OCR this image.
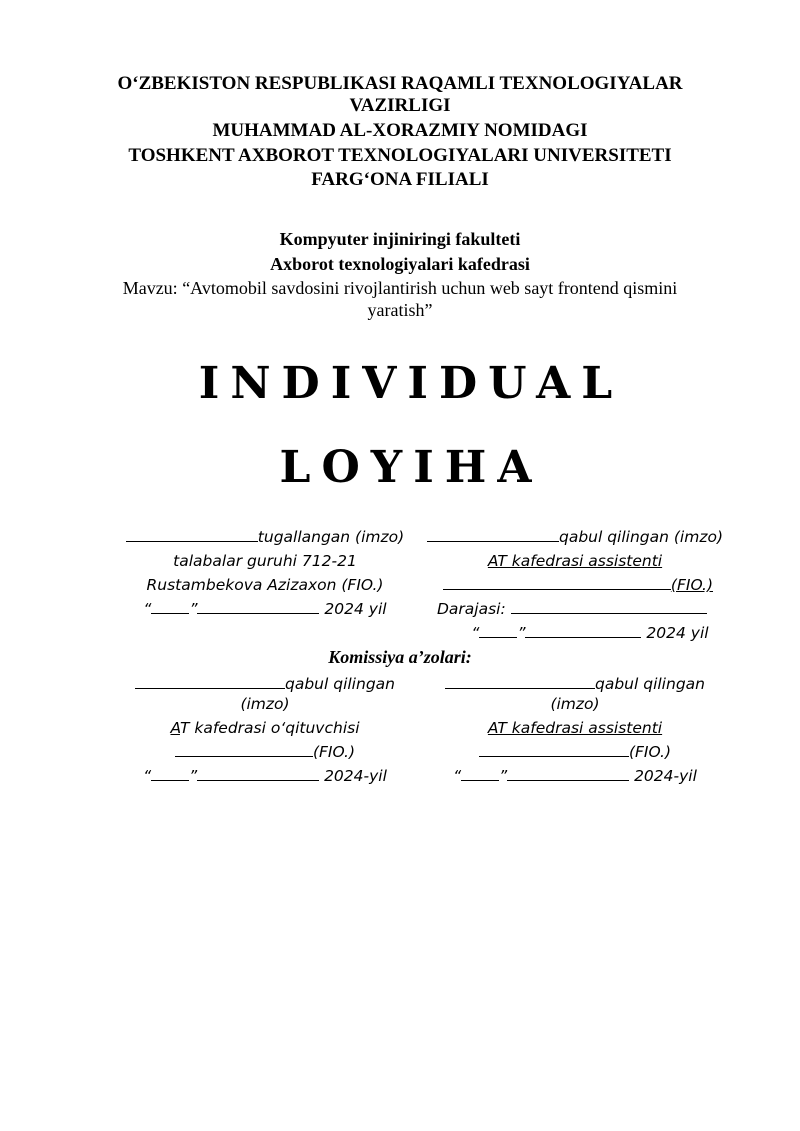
O‘ZBEKISTON RESPUBLIKASI RAQAMLI TEXNOLOGIYALAR
VAZIRLIGI
MUHAMMAD AL-XORAZMIY NOMIDAGI
TOSHKENT AXBOROT TEXNOLOGIYALARI UNIVERSITETI
FARG‘ONA FILIALI
Kompyuter injiniringi fakulteti
Axborot texnologiyalari kafedrasi
Mavzu: “Avtomobil savdosini rivojlantirish uchun web sayt frontend qismini
yaratish”
INDIVIDUAL
LOYIHA
tugallangan (imzo)
talabalar guruhi 712-21
Rustambekova Azizaxon (FIO.)
“ ”	2024 yil
qabul qilingan (imzo)
AT kafedrasi assistenti
(FIO.)
Darajasi:
“ ”	2024 yil
Komissiya a’zolari:
qabul qilingan
(imzo)
AT kafedrasi o‘qituvchisi
(FIO.)
“ ”	2024-yil
qabul qilingan
(imzo)
AT kafedrasi assistenti
(FIO.)
“ ”	2024-yil
